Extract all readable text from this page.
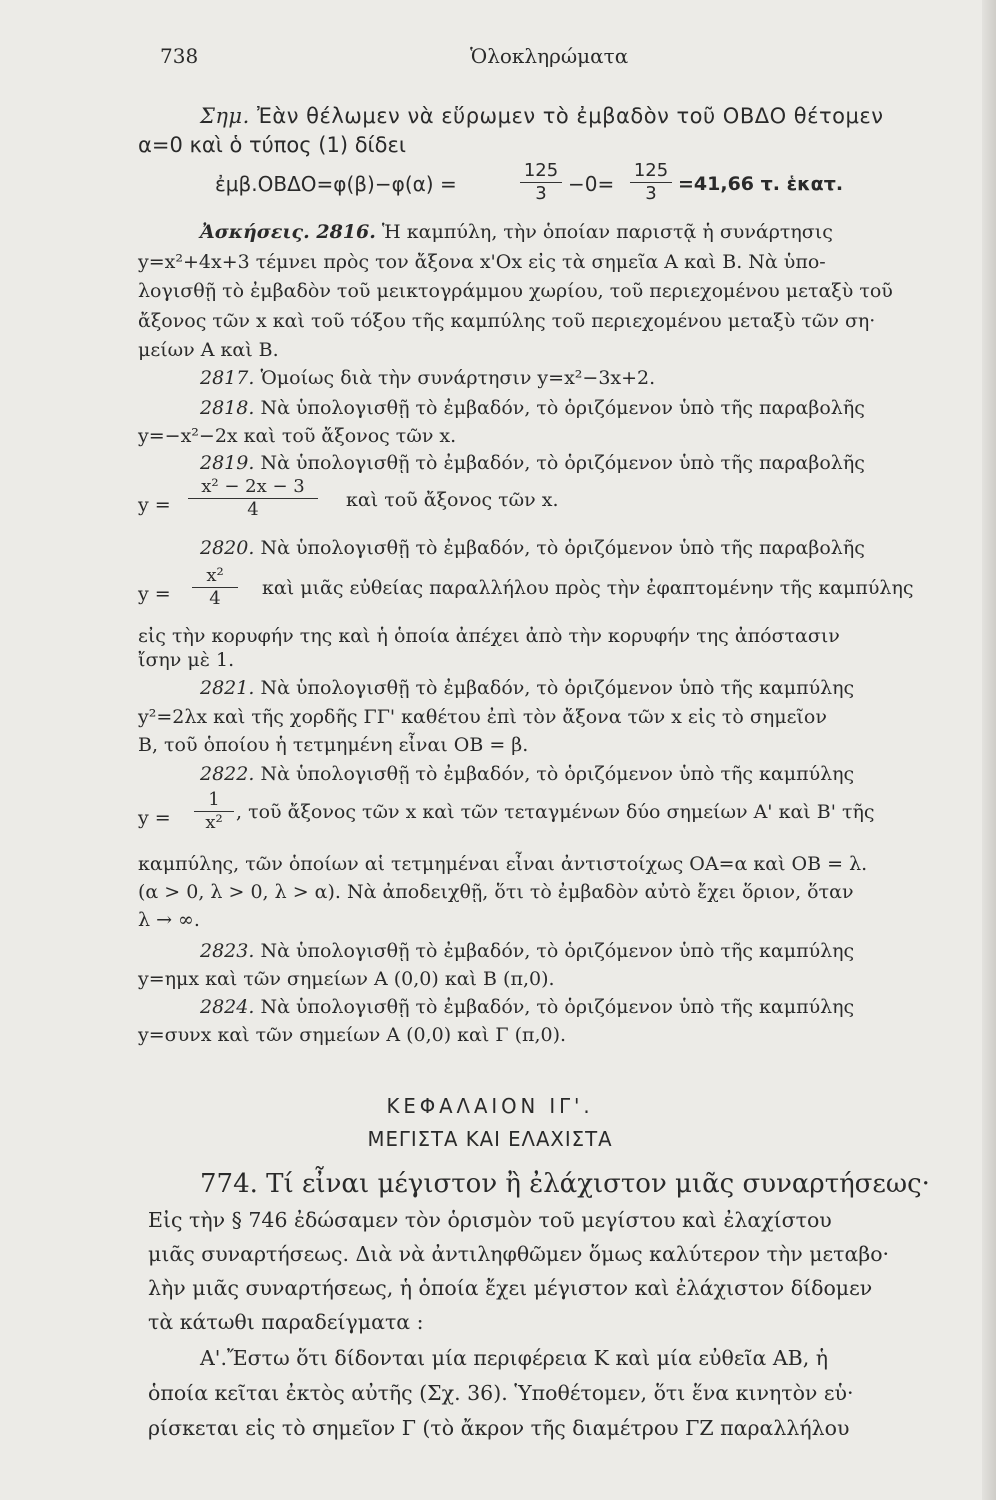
738	Ὁλοκληρώματα
Σημ. Ἐὰν θέλωμεν νὰ εὕρωμεν τὸ ἐμβαδὸν τοῦ ΟΒΔΟ θέτομεν
α=0 καὶ ὁ τύπος (1) δίδει
ἐμβ.ΟΒΔΟ=φ(β)−φ(α) =	$\frac{125}{3} -0= \frac{125}{3} =41,66$ τ. ἑκατ.
Ἀσκήσεις. 2816. Ἡ καμπύλη, τὴν ὁποίαν παριστᾷ ἡ συνάρτησις
y=x²+4x+3 τέμνει πρὸς τον ἄξονα x'Ox εἰς τὰ σημεῖα Α καὶ Β. Νὰ ὑπο-
λογισθῇ τὸ ἐμβαδὸν τοῦ μεικτογράμμου χωρίου, τοῦ περιεχομένου μεταξὺ τοῦ
ἄξονος τῶν x καὶ τοῦ τόξου τῆς καμπύλης τοῦ περιεχομένου μεταξὺ τῶν ση·
μείων Α καὶ Β.
2817. Ὁμοίως διὰ τὴν συνάρτησιν y=x²−3x+2.
2818. Νὰ ὑπολογισθῇ τὸ ἐμβαδόν, τὸ ὁριζόμενον ὑπὸ τῆς παραβολῆς
y=−x²−2x καὶ τοῦ ἄξονος τῶν x.
2819. Νὰ ὑπολογισθῇ τὸ ἐμβαδόν, τὸ ὁριζόμενον ὑπὸ τῆς παραβολῆς
$y = \frac{\text{x² − 2x − 3}}{4}$ καὶ τοῦ ἄξονος τῶν x.
2820. Νὰ ὑπολογισθῇ τὸ ἐμβαδόν, τὸ ὁριζόμενον ὑπὸ τῆς παραβολῆς
$y = \frac{\text{x²}}{4}$ καὶ μιᾶς εὐθείας παραλλήλου πρὸς τὴν ἐφαπτομένην τῆς καμπύλης
εἰς τὴν κορυφήν της καὶ ἡ ὁποία ἀπέχει ἀπὸ τὴν κορυφήν της ἀπόστασιν
ἴσην μὲ 1.
2821. Νὰ ὑπολογισθῇ τὸ ἐμβαδόν, τὸ ὁριζόμενον ὑπὸ τῆς καμπύλης
y²=2λx καὶ τῆς χορδῆς ΓΓ' καθέτου ἐπὶ τὸν ἄξονα τῶν x εἰς τὸ σημεῖον
Β, τοῦ ὁποίου ἡ τετμημένη εἶναι ΟΒ = β.
2822. Νὰ ὑπολογισθῇ τὸ ἐμβαδόν, τὸ ὁριζόμενον ὑπὸ τῆς καμπύλης
$y = \frac{1}{\text{x²}}$ , τοῦ ἄξονος τῶν x καὶ τῶν τεταγμένων δύο σημείων Α' καὶ Β' τῆς
καμπύλης, τῶν ὁποίων αἱ τετμημέναι εἶναι ἀντιστοίχως ΟΑ=α καὶ ΟΒ = λ.
(α > 0, λ > 0, λ > α). Νὰ ἀποδειχθῇ, ὅτι τὸ ἐμβαδὸν αὐτὸ ἔχει ὅριον, ὅταν
λ → ∞.
2823. Νὰ ὑπολογισθῇ τὸ ἐμβαδόν, τὸ ὁριζόμενον ὑπὸ τῆς καμπύλης
y=ημx καὶ τῶν σημείων Α (0,0) καὶ Β (π,0).
2824. Νὰ ὑπολογισθῇ τὸ ἐμβαδόν, τὸ ὁριζόμενον ὑπὸ τῆς καμπύλης
y=συνx καὶ τῶν σημείων Α (0,0) καὶ Γ (π,0).
ΚΕΦΑΛΑΙΟΝ ΙΓ'.
ΜΕΓΙΣΤΑ ΚΑΙ ΕΛΑΧΙΣΤΑ
774. Τί εἶναι μέγιστον ἢ ἐλάχιστον μιᾶς συναρτήσεως·
Εἰς τὴν § 746 ἐδώσαμεν τὸν ὁρισμὸν τοῦ μεγίστου καὶ ἐλαχίστου
μιᾶς συναρτήσεως. Διὰ νὰ ἀντιληφθῶμεν ὅμως καλύτερον τὴν μεταβο·
λὴν μιᾶς συναρτήσεως, ἡ ὁποία ἔχει μέγιστον καὶ ἐλάχιστον δίδομεν
τὰ κάτωθι παραδείγματα :
Α'.Ἔστω ὅτι δίδονται μία περιφέρεια Κ καὶ μία εὐθεῖα ΑΒ, ἡ
ὁποία κεῖται ἐκτὸς αὐτῆς (Σχ. 36). Ὑποθέτομεν, ὅτι ἕνα κινητὸν εὑ·
ρίσκεται εἰς τὸ σημεῖον Γ (τὸ ἄκρον τῆς διαμέτρου ΓΖ παραλλήλου
